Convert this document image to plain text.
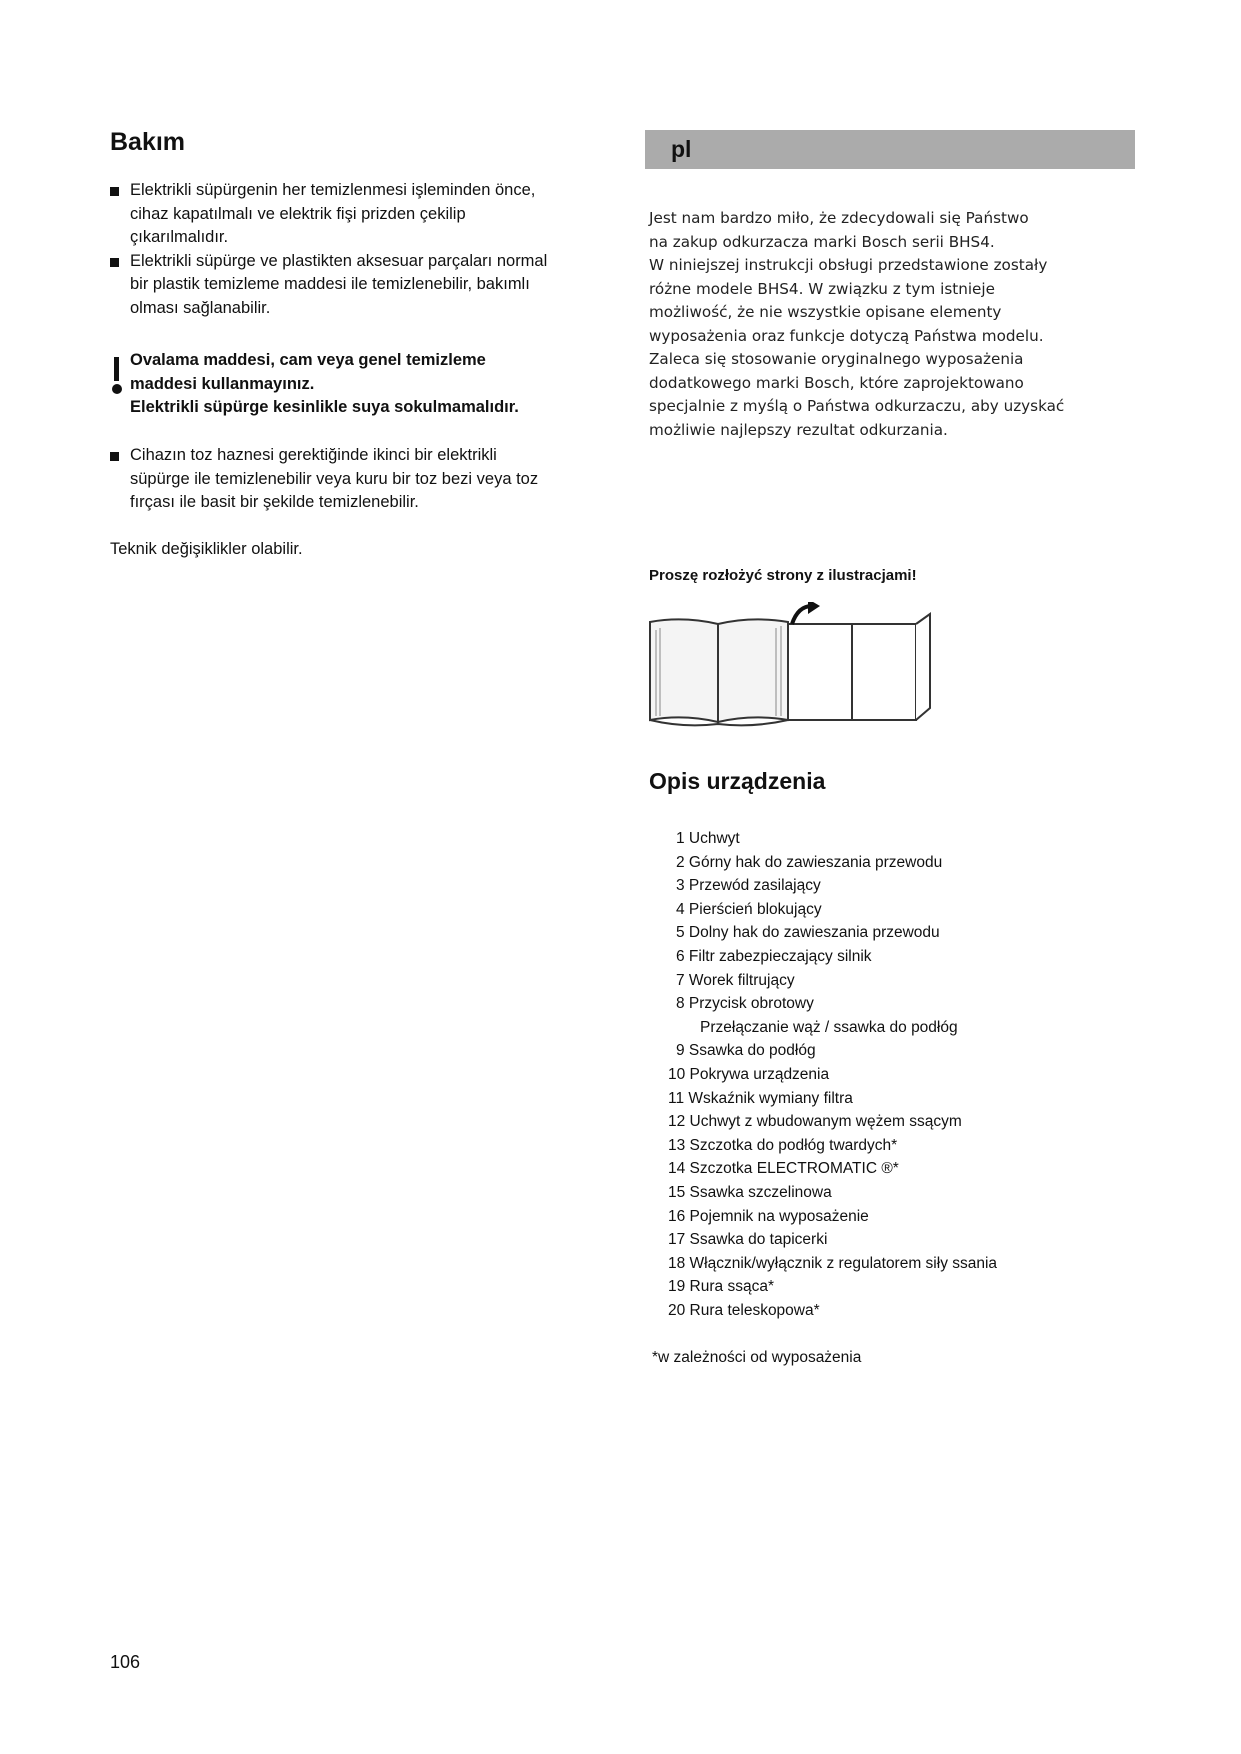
Bakım
Elektrikli süpürgenin her temizlenmesi işleminden önce,
cihaz kapatılmalı ve elektrik fişi prizden çekilip
çıkarılmalıdır.
Elektrikli süpürge ve plastikten aksesuar parçaları normal
bir plastik temizleme maddesi ile temizlenebilir, bakımlı
olması sağlanabilir.
Ovalama maddesi, cam veya genel temizleme
maddesi kullanmayınız.
Elektrikli süpürge kesinlikle suya sokulmamalıdır.
Cihazın toz haznesi gerektiğinde ikinci bir elektrikli
süpürge ile temizlenebilir veya kuru bir toz bezi veya toz
fırçası ile basit bir şekilde temizlenebilir.
Teknik değişiklikler olabilir.
106
pl
Jest nam bardzo miło, że zdecydowali się Państwo
na zakup odkurzacza marki Bosch serii BHS4.
W niniejszej instrukcji obsługi przedstawione zostały
różne modele BHS4. W związku z tym istnieje
możliwość, że nie wszystkie opisane elementy
wyposażenia oraz funkcje dotyczą Państwa modelu.
Zaleca się stosowanie oryginalnego wyposażenia
dodatkowego marki Bosch, które zaprojektowano
specjalnie z myślą o Państwa odkurzaczu, aby uzyskać
możliwie najlepszy rezultat odkurzania.
Proszę rozłożyć strony z ilustracjami!
Opis urządzenia
1 Uchwyt
2 Górny hak do zawieszania przewodu
3 Przewód zasilający
4 Pierścień blokujący
5 Dolny hak do zawieszania przewodu
6 Filtr zabezpieczający silnik
7 Worek filtrujący
8 Przycisk obrotowy
Przełączanie wąż / ssawka do podłóg
9 Ssawka do podłóg
10 Pokrywa urządzenia
11 Wskaźnik wymiany filtra
12 Uchwyt z wbudowanym wężem ssącym
13 Szczotka do podłóg twardych*
14 Szczotka ELECTROMATIC ®*
15 Ssawka szczelinowa
16 Pojemnik na wyposażenie
17 Ssawka do tapicerki
18 Włącznik/wyłącznik z regulatorem siły ssania
19 Rura ssąca*
20 Rura teleskopowa*
*w zależności od wyposażenia
